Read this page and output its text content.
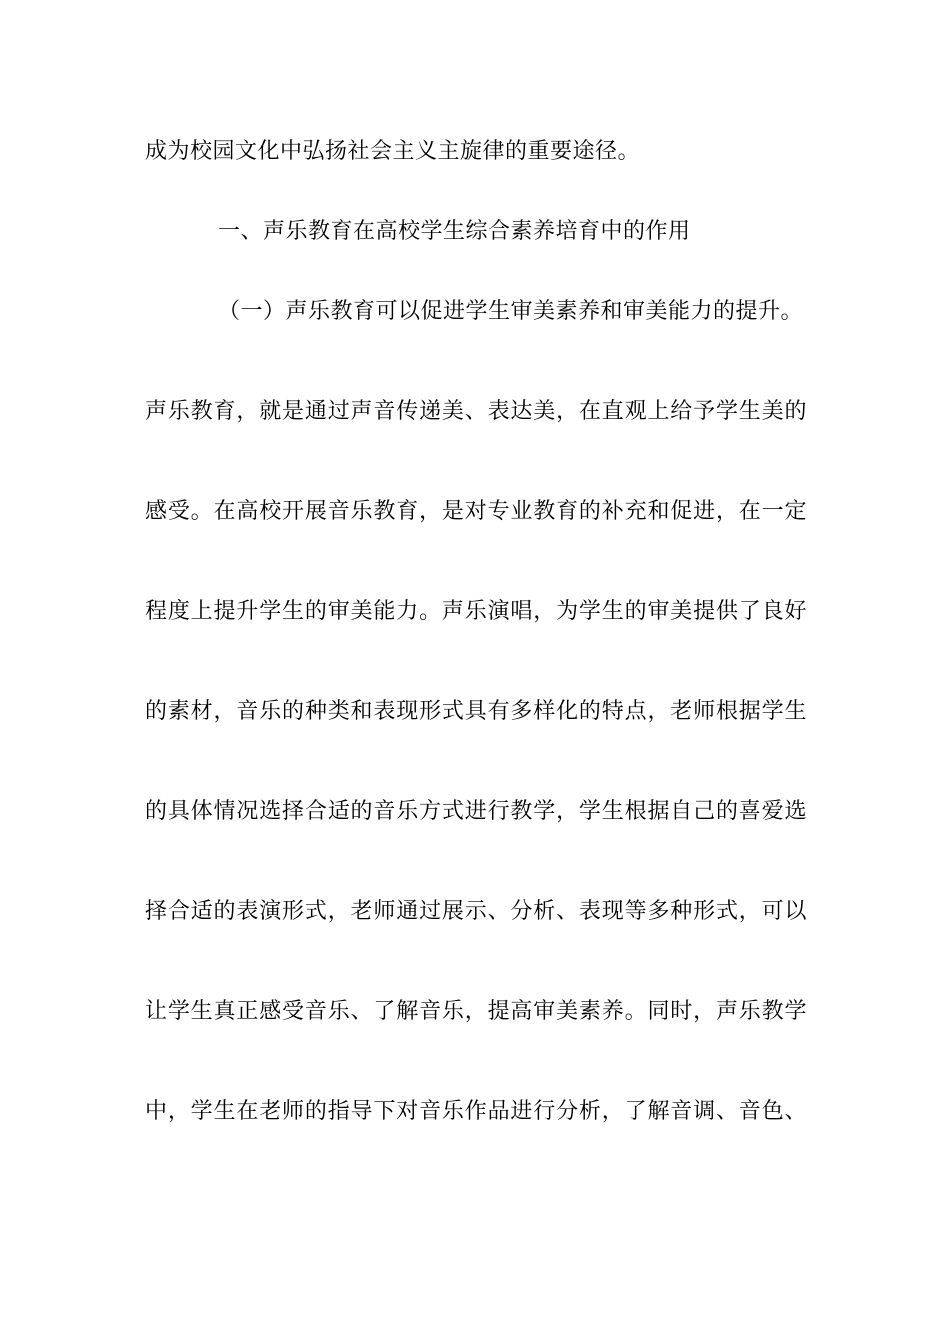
成为校园文化中弘扬社会主义主旋律的重要途径。
一、声乐教育在高校学生综合素养培育中的作用
（一）声乐教育可以促进学生审美素养和审美能力的提升。
声乐教育，就是通过声音传递美、表达美，在直观上给予学生美的
感受。在高校开展音乐教育，是对专业教育的补充和促进，在一定
程度上提升学生的审美能力。声乐演唱，为学生的审美提供了良好
的素材，音乐的种类和表现形式具有多样化的特点，老师根据学生
的具体情况选择合适的音乐方式进行教学，学生根据自己的喜爱选
择合适的表演形式，老师通过展示、分析、表现等多种形式，可以
让学生真正感受音乐、了解音乐，提高审美素养。同时，声乐教学
中，学生在老师的指导下对音乐作品进行分析，了解音调、音色、
